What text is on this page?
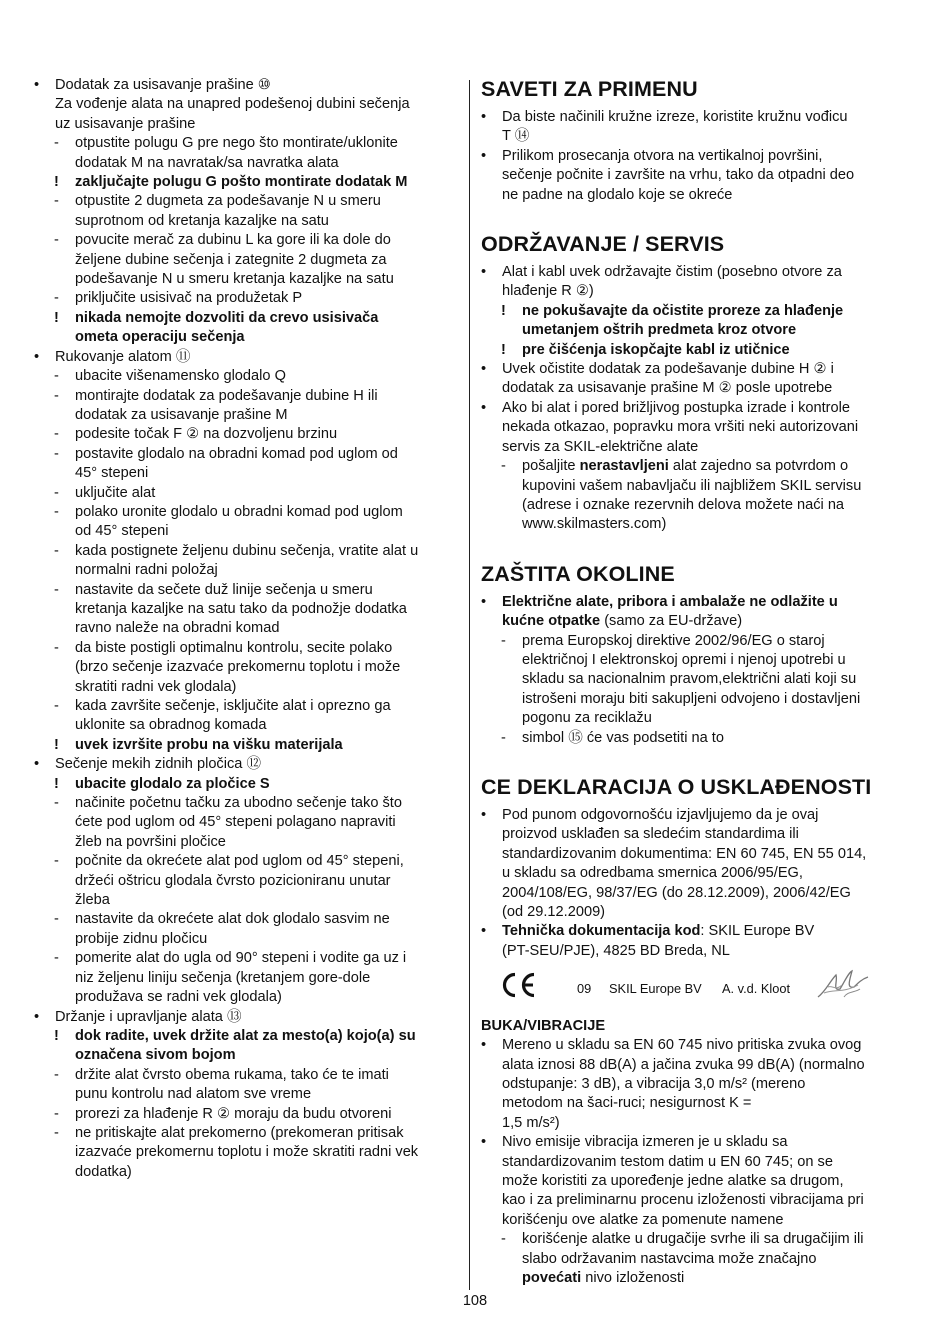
• Dodatak za usisavanje prašine ⑩
Za vođenje alata na unapred podešenoj dubini sečenja
uz usisavanje prašine
- otpustite polugu G pre nego što montirate/uklonite
dodatak M na navratak/sa navratka alata
! zaključajte polugu G pošto montirate dodatak M
- otpustite 2 dugmeta za podešavanje N u smeru
suprotnom od kretanja kazaljke na satu
- povucite merač za dubinu L ka gore ili ka dole do
željene dubine sečenja i zategnite 2 dugmeta za
podešavanje N u smeru kretanja kazaljke na satu
- priključite usisivač na produžetak P
! nikada nemojte dozvoliti da crevo usisivača
ometa operaciju sečenja
• Rukovanje alatom ⑪
- ubacite višenamensko glodalo Q
- montirajte dodatak za podešavanje dubine H ili
dodatak za usisavanje prašine M
- podesite točak F ② na dozvoljenu brzinu
- postavite glodalo na obradni komad pod uglom od
45° stepeni
- uključite alat
- polako uronite glodalo u obradni komad pod uglom
od 45° stepeni
- kada postignete željenu dubinu sečenja, vratite alat u
normalni radni položaj
- nastavite da sečete duž linije sečenja u smeru
kretanja kazaljke na satu tako da podnožje dodatka
ravno naleže na obradni komad
- da biste postigli optimalnu kontrolu, secite polako
(brzo sečenje izazvaće prekomernu toplotu i može
skratiti radni vek glodala)
- kada završite sečenje, isključite alat i oprezno ga
uklonite sa obradnog komada
! uvek izvršite probu na višku materijala
• Sečenje mekih zidnih pločica ⑫
! ubacite glodalo za pločice S
- načinite početnu tačku za ubodno sečenje tako što
ćete pod uglom od 45° stepeni polagano napraviti
žleb na površini pločice
- počnite da okrećete alat pod uglom od 45° stepeni,
držeći oštricu glodala čvrsto pozicioniranu unutar
žleba
- nastavite da okrećete alat dok glodalo sasvim ne
probije zidnu pločicu
- pomerite alat do ugla od 90° stepeni i vodite ga uz i
niz željenu liniju sečenja (kretanjem gore-dole
produžava se radni vek glodala)
• Držanje i upravljanje alata ⑬
! dok radite, uvek držite alat za mesto(a) kojo(a) su
označena sivom bojom
- držite alat čvrsto obema rukama, tako će te imati
punu kontrolu nad alatom sve vreme
- prorezi za hlađenje R ② moraju da budu otvoreni
- ne pritiskajte alat prekomerno (prekomeran pritisak
izazvaće prekomernu toplotu i može skratiti radni vek
dodatka)
SAVETI ZA PRIMENU
• Da biste načinili kružne izreze, koristite kružnu vođicu
T ⑭
• Prilikom prosecanja otvora na vertikalnoj površini,
sečenje počnite i završite na vrhu, tako da otpadni deo
ne padne na glodalo koje se okreće
ODRŽAVANJE / SERVIS
• Alat i kabl uvek održavajte čistim (posebno otvore za
hlađenje R ②)
! ne pokušavajte da očistite proreze za hlađenje
umetanjem oštrih predmeta kroz otvore
! pre čišćenja iskopčajte kabl iz utičnice
• Uvek očistite dodatak za podešavanje dubine H ② i
dodatak za usisavanje prašine M ② posle upotrebe
• Ako bi alat i pored brižljivog postupka izrade i kontrole
nekada otkazao, popravku mora vršiti neki autorizovani
servis za SKIL-električne alate
- pošaljite nerastavljeni alat zajedno sa potvrdom o
kupovini vašem nabavljaču ili najbližem SKIL servisu
(adrese i oznake rezervnih delova možete naći na
www.skilmasters.com)
ZAŠTITA OKOLINE
• Električne alate, pribora i ambalaže ne odlažite u
kućne otpatke (samo za EU-države)
- prema Europskoj direktive 2002/96/EG o staroj
električnoj I elektronskoj opremi i njenoj upotrebi u
skladu sa nacionalnim pravom,električni alati koji su
istrošeni moraju biti sakupljeni odvojeno i dostavljeni
pogonu za reciklažu
- simbol ⑮ će vas podsetiti na to
CE DEKLARACIJA O USKLAĐENOSTI
• Pod punom odgovornošću izjavljujemo da je ovaj
proizvod usklađen sa sledećim standardima ili
standardizovanim dokumentima: EN 60 745, EN 55 014,
u skladu sa odredbama smernica 2006/95/EG,
2004/108/EG, 98/37/EG (do 28.12.2009), 2006/42/EG
(od 29.12.2009)
• Tehnička dokumentacija kod: SKIL Europe BV
(PT-SEU/PJE), 4825 BD Breda, NL
09 SKIL Europe BV A. v.d. Kloot
BUKA/VIBRACIJE
• Mereno u skladu sa EN 60 745 nivo pritiska zvuka ovog
alata iznosi 88 dB(A) a jačina zvuka 99 dB(A) (normalno
odstupanje: 3 dB), a vibracija 3,0 m/s² (mereno
metodom na šaci-ruci; nesigurnost K =
1,5 m/s²)
• Nivo emisije vibracija izmeren je u skladu sa
standardizovanim testom datim u EN 60 745; on se
može koristiti za upoređenje jedne alatke sa drugom,
kao i za preliminarnu procenu izloženosti vibracijama pri
korišćenju ove alatke za pomenute namene
- korišćenje alatke u drugačije svrhe ili sa drugačijim ili
slabo održavanim nastavcima može značajno
povećati nivo izloženosti
108
